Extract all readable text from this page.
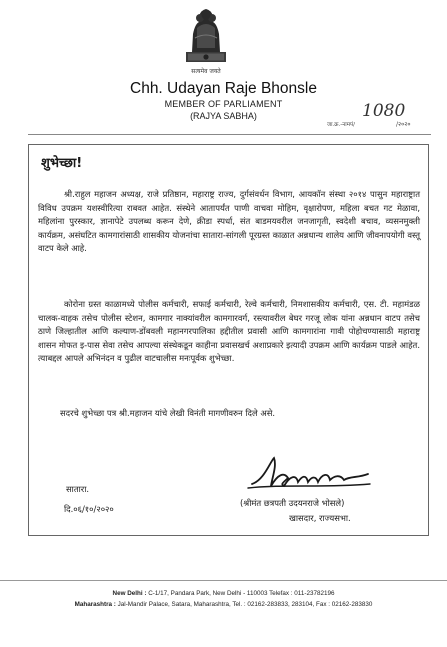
सत्यमेव जयते
Chh. Udayan Raje Bhonsle
MEMBER OF PARLIAMENT
(RAJYA SABHA)	1080
जा.क्र.-नामपं/	/२०२०
शुभेच्छा!
श्री.राहुल महाजन अध्यक्ष, राजे प्रतिष्ठान, महाराष्ट्र राज्य, दुर्गसंवर्धन विभाग, आयकॉन संस्था २०१४ पासुन महाराष्ट्रात विविध उपक्रम यशस्वीरित्या राबवत आहेत. संस्थेने आतापर्यंत पाणी वाचवा मोहिम, वृक्षारोपण, महिला बचत गट मेळावा, महिलांना पुरस्कार, ज्ञानापेटे उपलब्ध करून देणे, क्रीडा स्पर्धा, संत बाडमयवरील जनजागृती, स्वदेशी बचाव, व्यसनमुक्ती कार्यक्रम, असंघटित कामगारांसाठी शासकीय योजनांचा सातारा-सांगली पूरग्रस्त काळात अन्नधान्य शालेय आणि जीवनापयोगी वस्तू वाटप केले आहे.
कोरोना ग्रस्त काळामध्ये पोलीस कर्मचारी, सफाई कर्मचारी, रेल्वे कर्मचारी, निमशासकीय कर्मचारी, एस. टी. महामंडळ चालक-वाहक तसेच पोलीस स्टेशन, कामगार नाक्यांवरील कामगारवर्ग, रस्त्यावरील बेघर गरजू लोक यांना अन्नधान वाटप तसेच ठाणे जिल्हातील आणि कल्याण-डोंबवली महानगरपालिका हद्दीतील प्रवासी आणि कामगारांना गावी पोहोचण्यासाठी महाराष्ट्र शासन मोफत इ-पास सेवा तसेच आपल्या संस्थेकडून काहीना प्रवासखर्च अशाप्रकारे इत्यादी उपक्रम आणि कार्यक्रम पाडले आहेत. त्याबद्दल आपले अभिनंदन व पुढील वाटचालीस मनःपूर्वक शुभेच्छा.
सदरचे शुभेच्छा पत्र श्री.महाजन यांचे लेखी विनंती मागणीवरुन दिले असे.
सातारा.
दि.०६/१०/२०२०
(श्रीमंत छत्रपती उदयनराजे भोसले)
खासदार, राज्यसभा.
New Delhi : C-1/17, Pandara Park, New Delhi - 110003 Telefax : 011-23782196
Maharashtra : Jal-Mandir Palace, Satara, Maharashtra, Tel. : 02162-283833, 283104, Fax : 02162-283830
